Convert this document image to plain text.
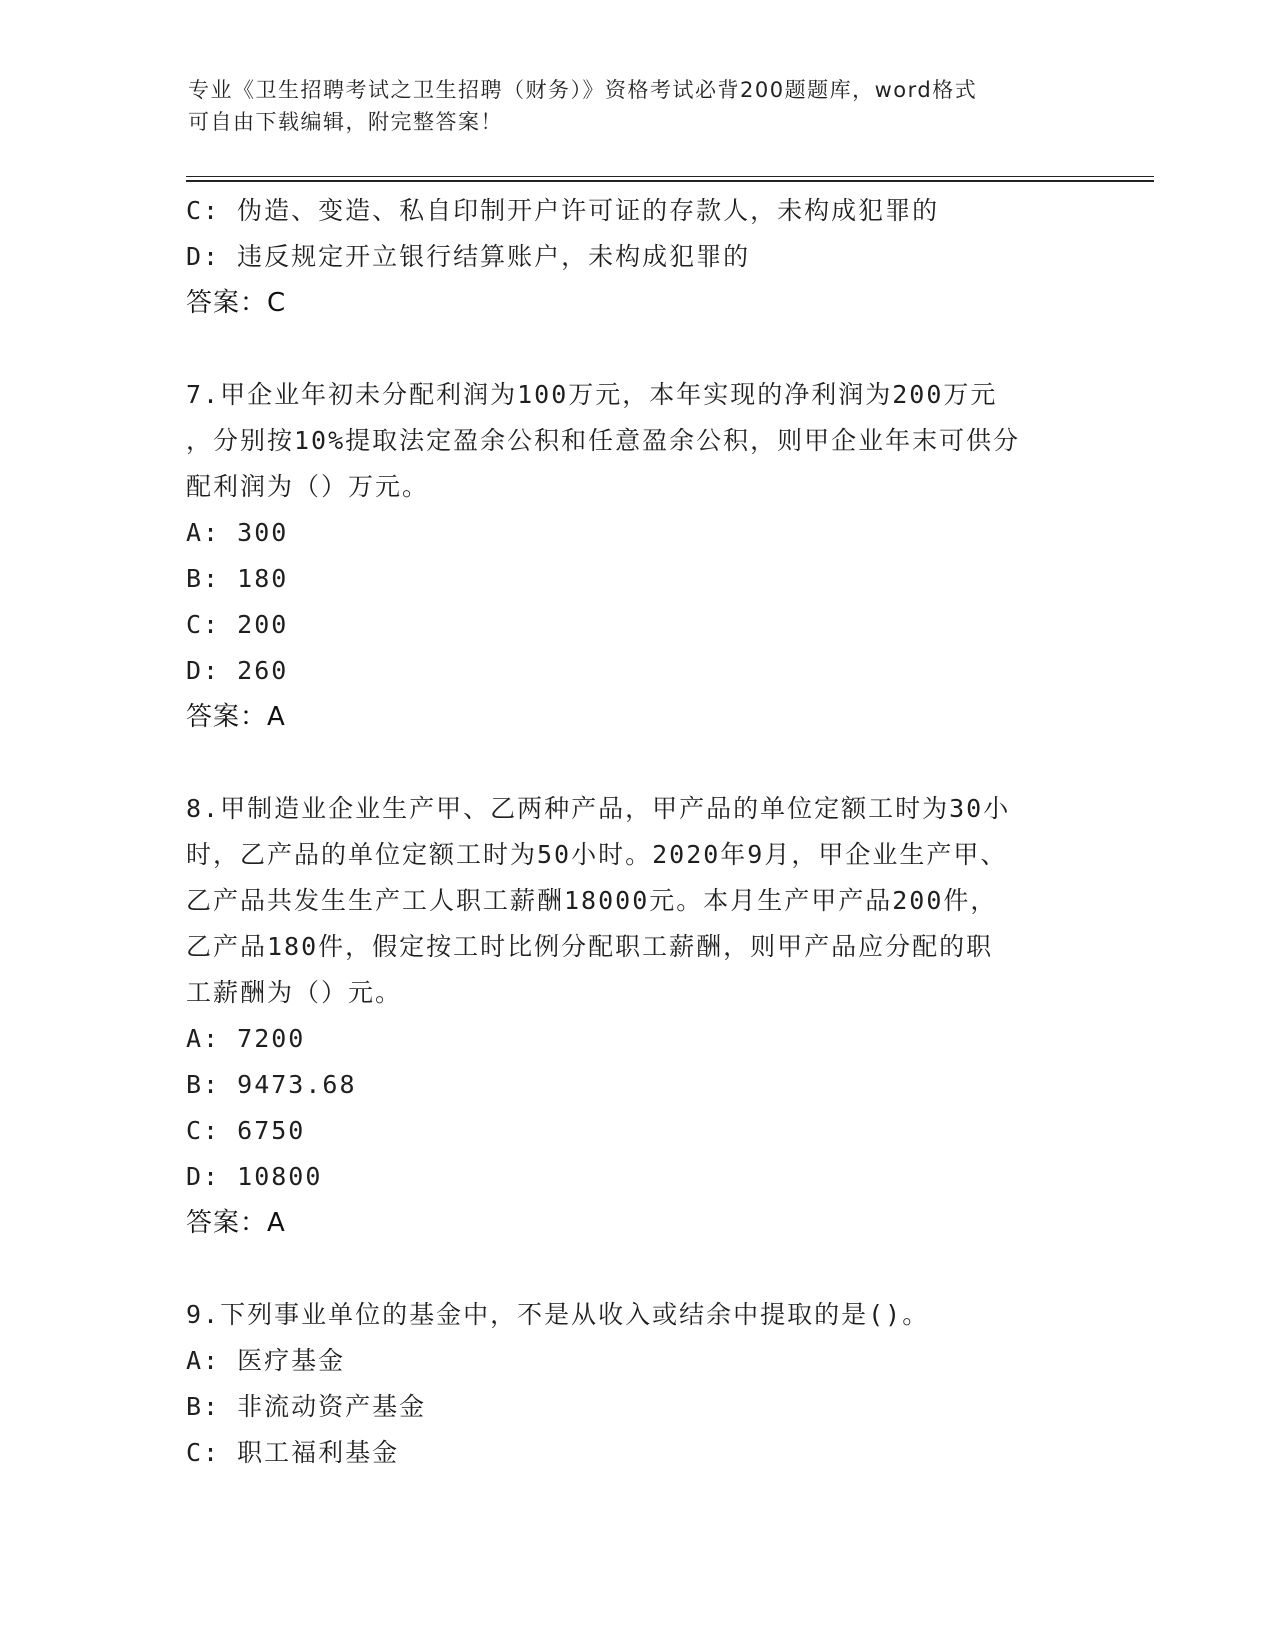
专业《卫生招聘考试之卫生招聘（财务）》资格考试必背200题题库，word格式
可自由下载编辑，附完整答案！
C: 伪造、变造、私自印制开户许可证的存款人，未构成犯罪的
D: 违反规定开立银行结算账户，未构成犯罪的
答案：C
7.甲企业年初未分配利润为100万元，本年实现的净利润为200万元
，分别按10%提取法定盈余公积和任意盈余公积，则甲企业年末可供分
配利润为（）万元。
A: 300
B: 180
C: 200
D: 260
答案：A
8.甲制造业企业生产甲、乙两种产品，甲产品的单位定额工时为30小
时，乙产品的单位定额工时为50小时。2020年9月，甲企业生产甲、
乙产品共发生生产工人职工薪酬18000元。本月生产甲产品200件，
乙产品180件，假定按工时比例分配职工薪酬，则甲产品应分配的职
工薪酬为（）元。
A: 7200
B: 9473.68
C: 6750
D: 10800
答案：A
9.下列事业单位的基金中，不是从收入或结余中提取的是()。
A: 医疗基金
B: 非流动资产基金
C: 职工福利基金
